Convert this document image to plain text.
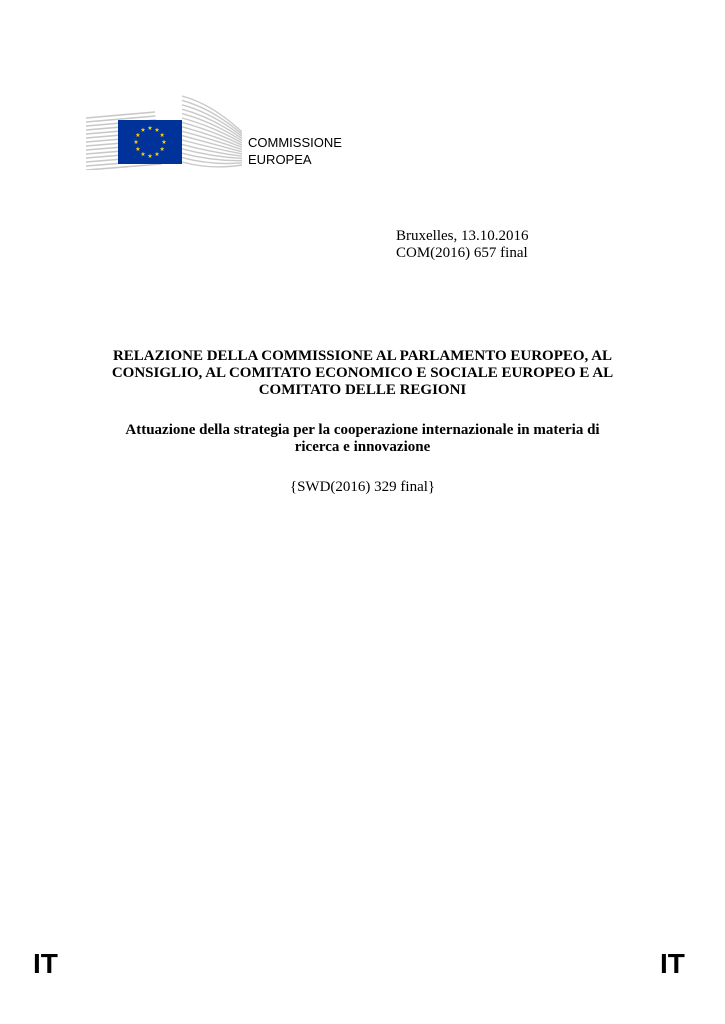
COMMISSIONE
EUROPEA
Bruxelles, 13.10.2016
COM(2016) 657 final
RELAZIONE DELLA COMMISSIONE AL PARLAMENTO EUROPEO, AL
CONSIGLIO, AL COMITATO ECONOMICO E SOCIALE EUROPEO E AL
COMITATO DELLE REGIONI
Attuazione della strategia per la cooperazione internazionale in materia di
ricerca e innovazione
{SWD(2016) 329 final}
IT	IT
